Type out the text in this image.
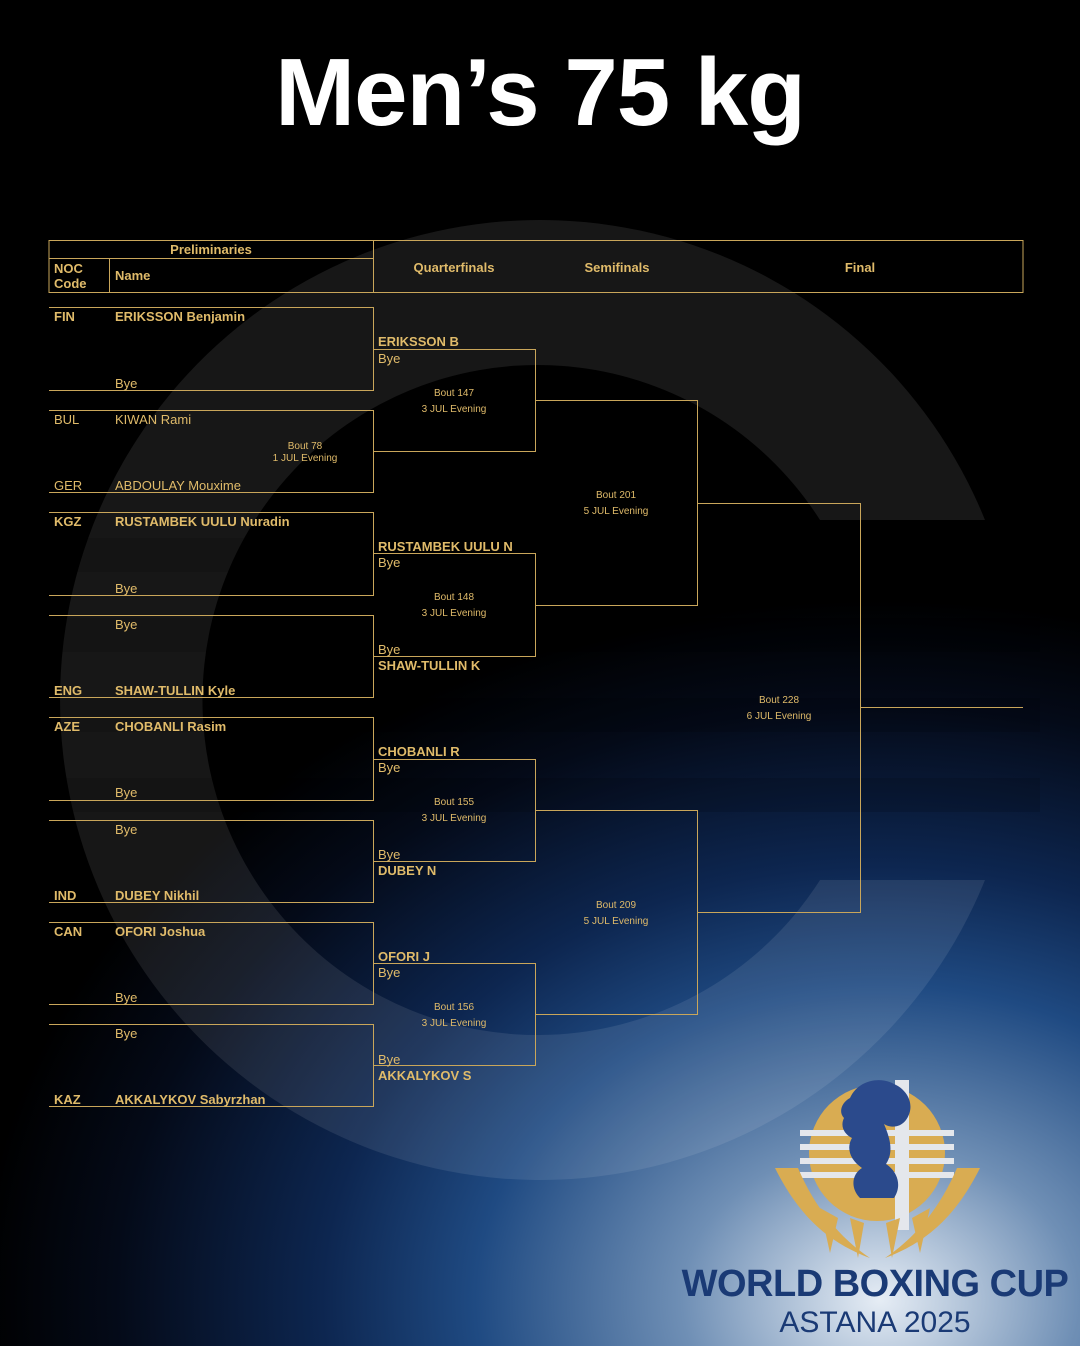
Men’s 75 kg
Preliminaries
NOC
Code
Name
Quarterfinals	Semifinals	Final
FIN	ERIKSSON Benjamin
Bye
BUL	KIWAN Rami
GER	ABDOULAY Mouxime
Bout 78
1 JUL Evening
KGZ	RUSTAMBEK UULU Nuradin
Bye
Bye
ENG	SHAW-TULLIN Kyle
AZE	CHOBANLI Rasim
Bye
Bye
IND	DUBEY Nikhil
CAN	OFORI Joshua
Bye
Bye
KAZ	AKKALYKOV Sabyrzhan
ERIKSSON B
Bye
Bout 147
3 JUL Evening
RUSTAMBEK UULU N
Bye
Bout 148
3 JUL Evening
Bye
SHAW-TULLIN K
CHOBANLI R
Bye
Bout 155
3 JUL Evening
Bye
DUBEY N
OFORI J
Bye
Bout 156
3 JUL Evening
Bye
AKKALYKOV S
Bout 201
5 JUL Evening
Bout 209
5 JUL Evening
Bout 228
6 JUL Evening
WORLD BOXING CUP
ASTANA 2025
